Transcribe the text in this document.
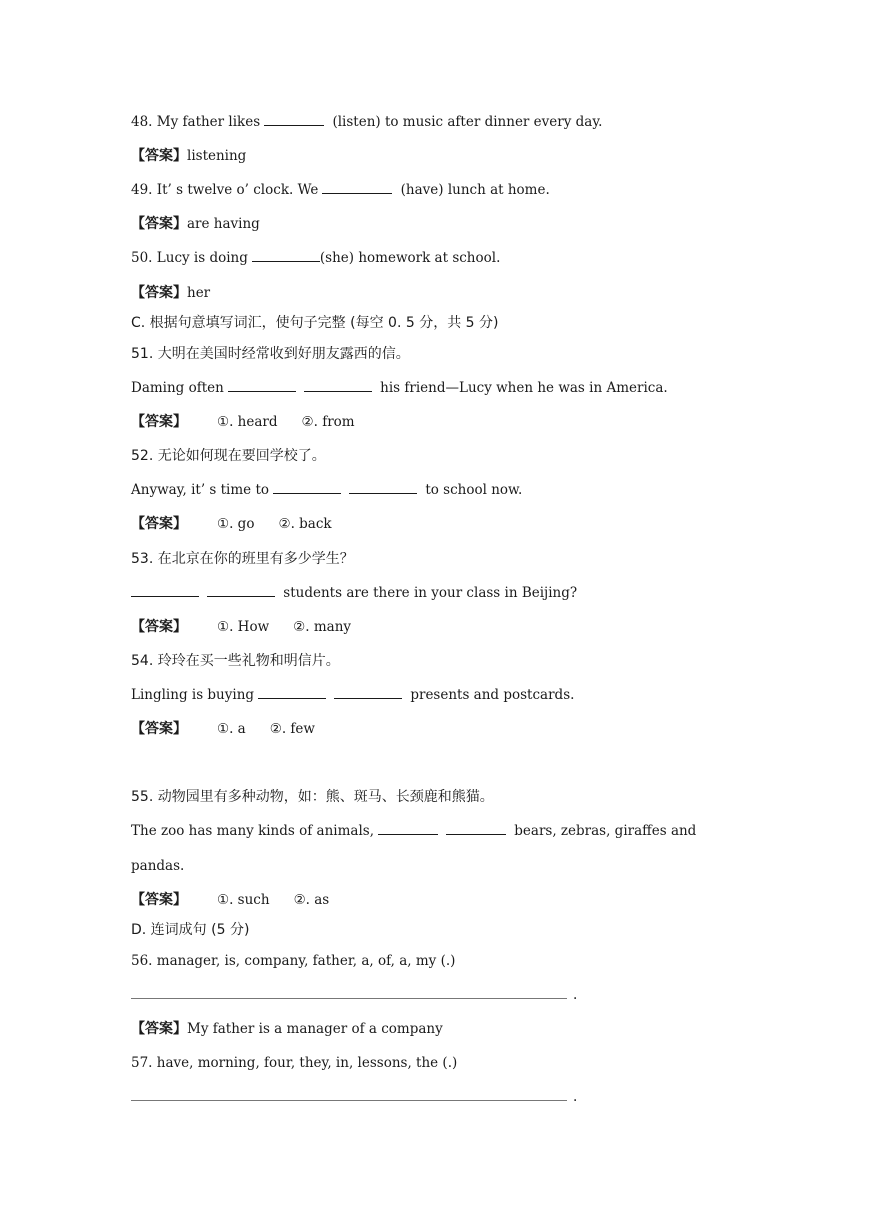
48. My father likes	(listen) to music after dinner every day.
【答案】listening
49. It’ s twelve o’ clock. We	(have) lunch at home.
【答案】are having
50. Lucy is doing	(she) homework at school.
【答案】her
C. 根据句意填写词汇，使句子完整 (每空 0. 5 分，共 5 分)
51. 大明在美国时经常收到好朋友露西的信。
Daming often	his friend—Lucy when he was in America.
【答案】 ①. heard ②. from
52. 无论如何现在要回学校了。
Anyway, it’ s time to	to school now.
【答案】 ①. go ②. back
53. 在北京在你的班里有多少学生？
students are there in your class in Beijing?
【答案】 ①. How ②. many
54. 玲玲在买一些礼物和明信片。
Lingling is buying	presents and postcards.
【答案】 ①. a ②. few
55. 动物园里有多种动物，如：熊、斑马、长颈鹿和熊猫。
The zoo has many kinds of animals,	bears, zebras, giraffes and
pandas.
【答案】 ①. such ②. as
D. 连词成句 (5 分)
56. manager, is, company, father, a, of, a, my (.)
.
【答案】My father is a manager of a company
57. have, morning, four, they, in, lessons, the (.)
.
